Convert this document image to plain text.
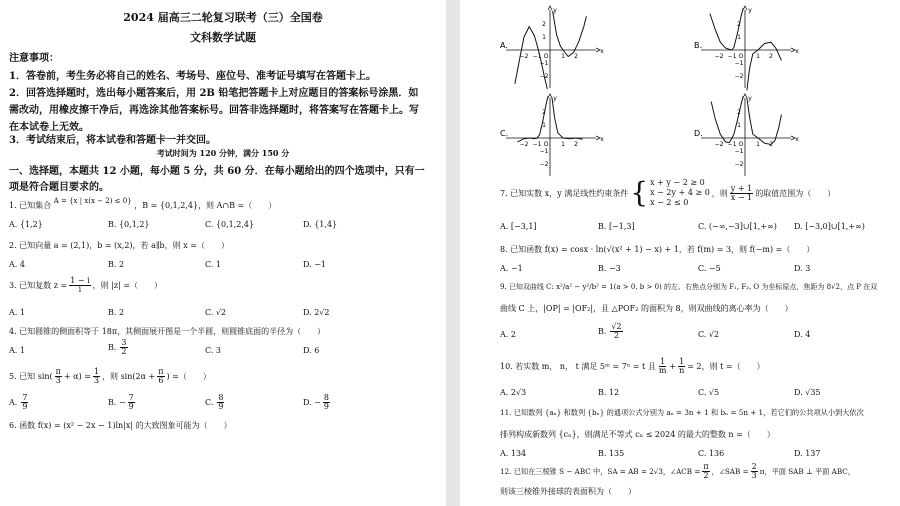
2024 届高三二轮复习联考（三）全国卷
文科数学试题
注意事项：
1．答卷前，考生务必将自己的姓名、考场号、座位号、准考证号填写在答题卡上。
2．回答选择题时，选出每小题答案后，用 2B 铅笔把答题卡上对应题目的答案标号涂黑．如
需改动，用橡皮擦干净后，再选涂其他答案标号。回答非选择题时，将答案写在答题卡上。写
在本试卷上无效。
3．考试结束后，将本试卷和答题卡一并交回。
考试时间为 120 分钟，满分 150 分
一、选择题，本题共 12 小题，每小题 5 分，共 60 分．在每小题给出的四个选项中，只有一
项是符合题目要求的。
1. 已知集合 A = {x | x(x − 2) ≤ 0} ，B = {0,1,2,4}，则 A∩B =（　　）
A. {1,2}	B. {0,1,2}	C. {0,1,2,4}	D. {1,4}
2. 已知向量 a = (2,1)，b = (x,2)，若 a∥b，则 x =（　　）
A. 4	B. 2	C. 1	D. −1
3. 已知复数 $z = \frac{1 - i}{i}$ ，则 |z| =（　　）
A. 1	B. 2	C. √2	D. 2√2
4. 已知圆锥的侧面积等于 18π，其侧面展开图是一个半圆，则圆锥底面的半径为（　　）
A. 1	B. $\frac{3}{2}$	C. 3	D. 6
5. 已知 $\sin( \frac{\pi}{3} + \alpha) = \frac{1}{3}$ ，则 $\sin(2\alpha + \frac{\pi}{6}$ ) =（　　）
A. $\frac{7}{9}$	B. − $\frac{7}{9}$	C. $\frac{8}{9}$	D. − $\frac{8}{9}$
6. 函数 f(x) = (x² − 2x − 1)ln|x| 的大致图象可能为（　　）
A.
x
y
−2 −1 O 1 2
2
1
−1
−2
B.
x
y
−2 −1 O 1 2
2
1
−1
−2
C.
x
y
−2 −1 O 1 2
2
1
−1
−2
D.
x
y
−2 −1 O 1 2
2
1
−1
−2
7. 已知实数 x，y 满足线性约束条件 { x + y − 2 ≥ 0
x − 2y + 4 ≥ 0
x − 2 ≤ 0
，则 $\frac{y + 1}{x - 1}$ 的取值范围为（　　）
A. [−3,1]	B. [−1,3]	C. (−∞,−3]∪[1,+∞) D. [−3,0]∪[1,+∞)
8. 已知函数 f(x) = cosx · ln(√(x² + 1) − x) + 1，若 f(m) = 3，则 f(−m) =（　　）
A. −1	B. −3	C. −5	D. 3
9. 已知双曲线 C: x²/a² − y²/b² = 1(a > 0, b > 0) 的左、右焦点分别为 F₁, F₂, O 为坐标原点，焦距为 8√2，点 P 在双
曲线 C 上，|OP| = |OF₂|，且 △POF₂ 的面积为 8，则双曲线的离心率为（　　）
A. 2	B. $\frac{√2}{2}$	C. √2	D. 4
10. 若实数 m， n， t 满足 5ᵐ = 7ⁿ = t 且 $\frac{1}{m} + \frac{1}{n} = 2$，则 t =（　　）
A. 2√3	B. 12	C. √5	D. √35
11. 已知数列 {aₙ} 和数列 {bₙ} 的通项公式分别为 aₙ = 3n + 1 和 bₙ = 5n + 1，若它们的公共项从小到大依次
排列构成新数列 {cₙ}，则满足不等式 cₙ ≤ 2024 的最大的整数 n =（　　）
A. 134	B. 135	C. 136	D. 137
12. 已知在三棱锥 S − ABC 中，SA = AB = 2√3，∠ACB = $\frac{\pi}{2}$ ，∠SAB = $\frac{2}{3}$ π，平面 SAB ⊥ 平面 ABC，
则该三棱锥外接球的表面积为（　　）
